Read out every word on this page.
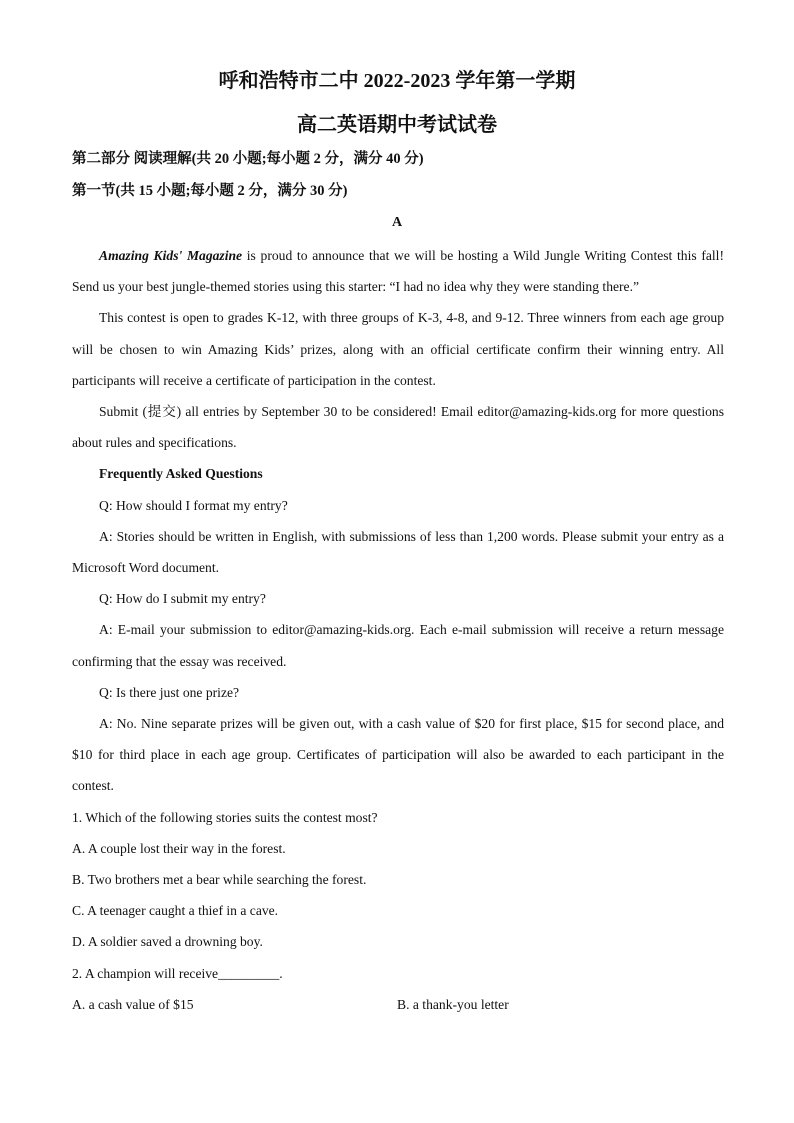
呼和浩特市二中 2022-2023 学年第一学期
高二英语期中考试试卷
第二部分 阅读理解(共 20 小题;每小题 2 分，满分 40 分)
第一节(共 15 小题;每小题 2 分，满分 30 分)
A

Amazing Kids' Magazine is proud to announce that we will be hosting a Wild Jungle Writing Contest this fall! Send us your best jungle-themed stories using this starter: “I had no idea why they were standing there.”

This contest is open to grades K-12, with three groups of K-3, 4-8, and 9-12. Three winners from each age group will be chosen to win Amazing Kids’ prizes, along with an official certificate confirm their winning entry. All participants will receive a certificate of participation in the contest.

Submit (提交) all entries by September 30 to be considered! Email editor@amazing-kids.org for more questions about rules and specifications.

Frequently Asked Questions

Q: How should I format my entry?

A: Stories should be written in English, with submissions of less than 1,200 words. Please submit your entry as a Microsoft Word document.

Q: How do I submit my entry?

A: E-mail your submission to editor@amazing-kids.org. Each e-mail submission will receive a return message confirming that the essay was received.

Q: Is there just one prize?

A: No. Nine separate prizes will be given out, with a cash value of $20 for first place, $15 for second place, and $10 for third place in each age group. Certificates of participation will also be awarded to each participant in the contest.

1. Which of the following stories suits the contest most?

A. A couple lost their way in the forest.

B. Two brothers met a bear while searching the forest.

C. A teenager caught a thief in a cave.

D. A soldier saved a drowning boy.

2. A champion will receive_________.

A. a cash value of $15	B. a thank-you letter
